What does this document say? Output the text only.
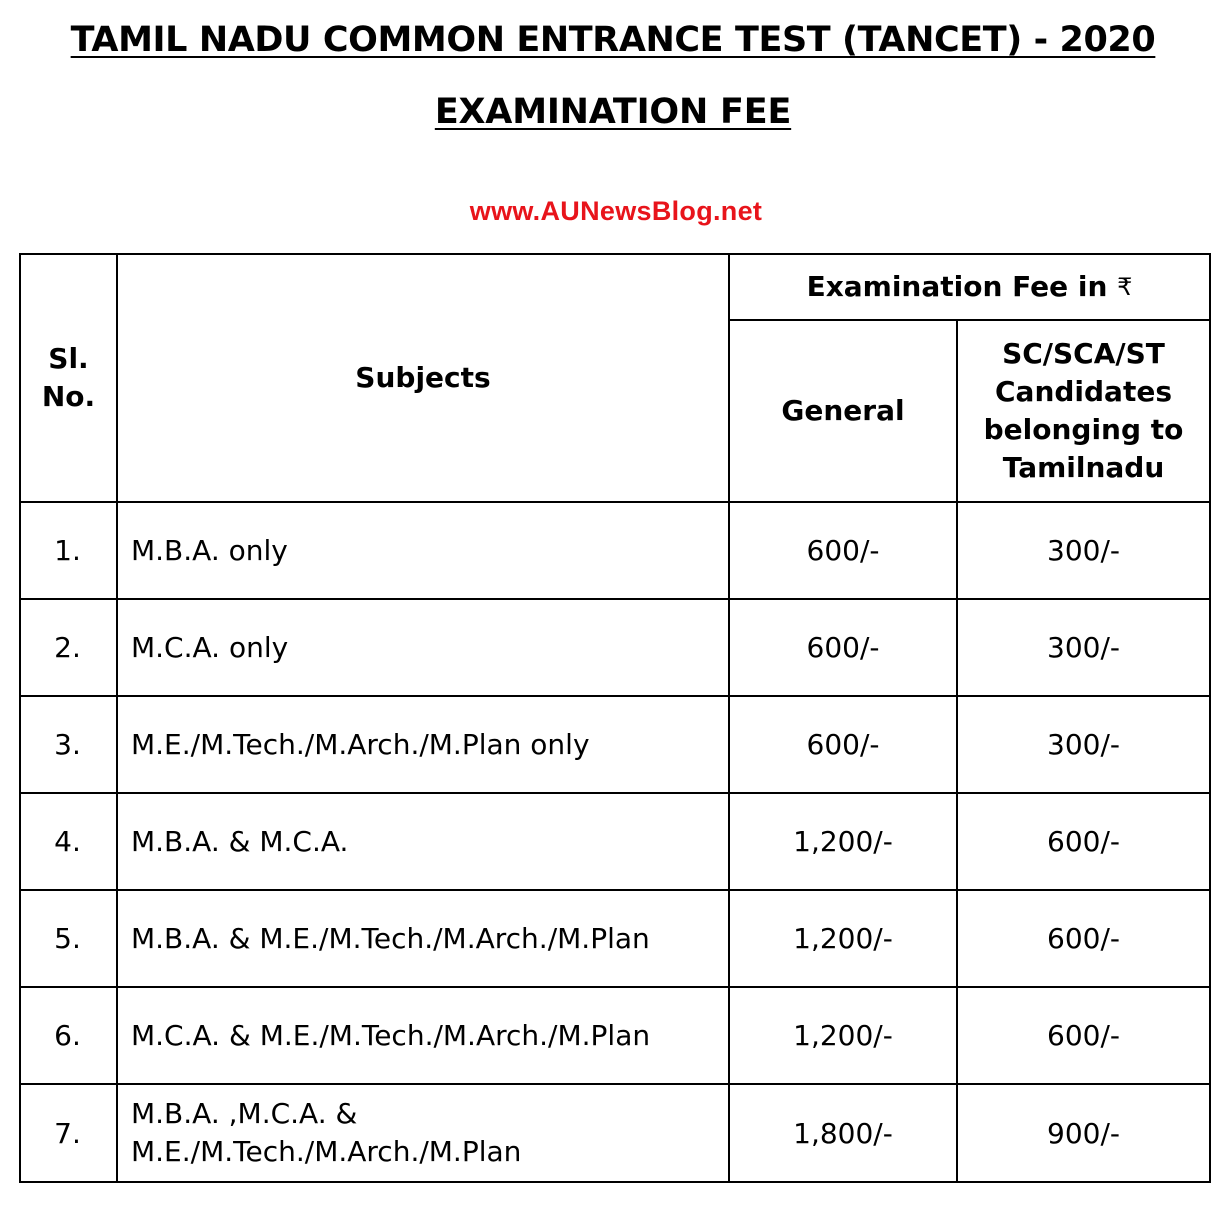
TAMIL NADU COMMON ENTRANCE TEST (TANCET) - 2020
EXAMINATION FEE
www.AUNewsBlog.net
Sl.
No.	Subjects	Examination Fee in ₹	
		General	SC/SCA/ST
Candidates
belonging to
Tamilnadu
1.	M.B.A. only	600/-	300/-
2.	M.C.A. only	600/-	300/-
3.	M.E./M.Tech./M.Arch./M.Plan only	600/-	300/-
4.	M.B.A. & M.C.A.	1,200/-	600/-
5.	M.B.A. & M.E./M.Tech./M.Arch./M.Plan	1,200/-	600/-
6.	M.C.A. & M.E./M.Tech./M.Arch./M.Plan	1,200/-	600/-
7.	M.B.A. ,M.C.A. &
M.E./M.Tech./M.Arch./M.Plan	1,800/-	900/-
